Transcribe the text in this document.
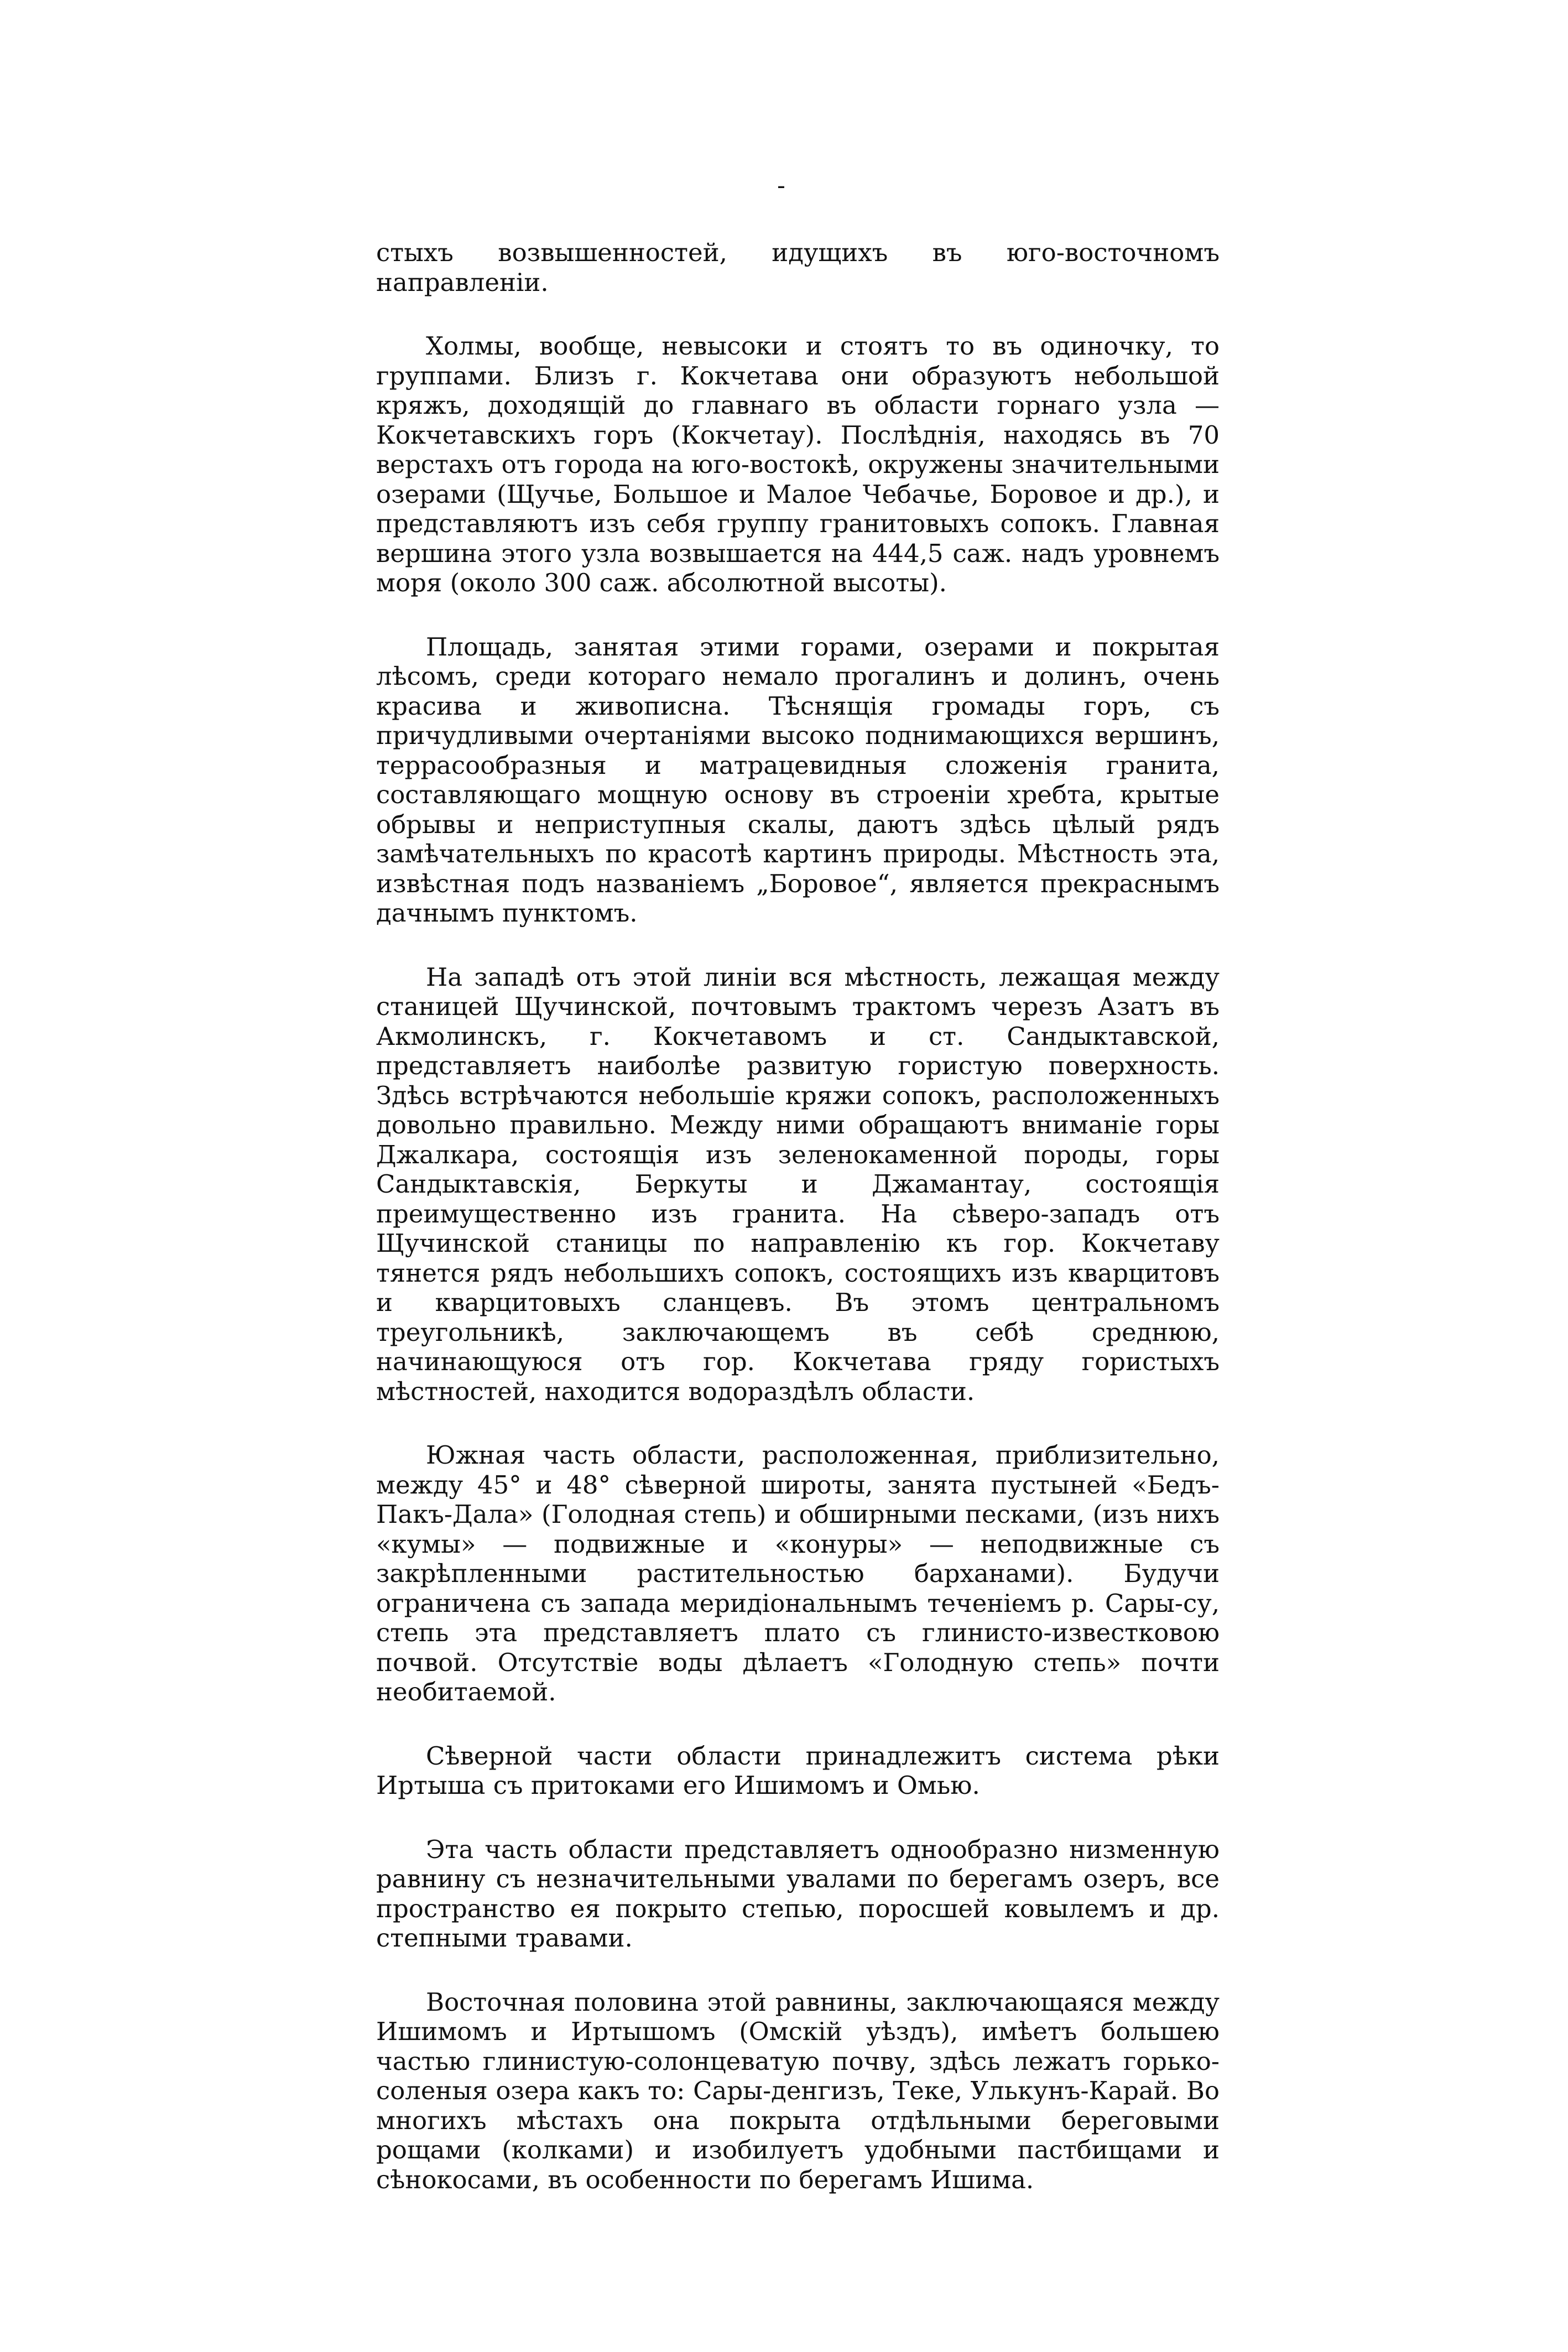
-

стыхъ возвышенностей, идущихъ въ юго-восточномъ направленіи.

Холмы, вообще, невысоки и стоятъ то въ одиночку, то группами. Близъ г. Кокчетава они образуютъ небольшой кряжъ, доходящій до главнаго въ области горнаго узла — Кокчетавскихъ горъ (Кокчетау). Послѣднія, находясь въ 70 верстахъ отъ города на юго-востокѣ, окружены значительными озерами (Щучье, Большое и Малое Чебачье, Боровое и др.), и представляютъ изъ себя группу гранитовыхъ сопокъ. Главная вершина этого узла возвышается на 444,5 саж. надъ уровнемъ моря (около 300 саж. абсолютной высоты).

Площадь, занятая этими горами, озерами и покрытая лѣсомъ, среди котораго немало прогалинъ и долинъ, очень красива и живописна. Тѣснящія громады горъ, съ причудливыми очертаніями высоко поднимающихся вершинъ, террасообразныя и матрацевидныя сложенія гранита, составляющаго мощную основу въ строеніи хребта, крытые обрывы и неприступныя скалы, даютъ здѣсь цѣлый рядъ замѣчательныхъ по красотѣ картинъ природы. Мѣстность эта, извѣстная подъ названіемъ „Боровое“, является прекраснымъ дачнымъ пунктомъ.

На западѣ отъ этой линіи вся мѣстность, лежащая между станицей Щучинской, почтовымъ трактомъ черезъ Азатъ въ Акмолинскъ, г. Кокчетавомъ и ст. Сандыктавской, представляетъ наиболѣе развитую гористую поверхность. Здѣсь встрѣчаются небольшіе кряжи сопокъ, расположенныхъ довольно правильно. Между ними обращаютъ вниманіе горы Джалкара, состоящія изъ зеленокаменной породы, горы Сандыктавскія, Беркуты и Джамантау, состоящія преимущественно изъ гранита. На сѣверо-западъ отъ Щучинской станицы по направленію къ гор. Кокчетаву тянется рядъ небольшихъ сопокъ, состоящихъ изъ кварцитовъ и кварцитовыхъ сланцевъ. Въ этомъ центральномъ треугольникѣ, заключающемъ въ себѣ среднюю, начинающуюся отъ гор. Кокчетава гряду гористыхъ мѣстностей, находится водораздѣлъ области.

Южная часть области, расположенная, приблизительно, между 45° и 48° сѣверной широты, занята пустыней «Бедъ-Пакъ-Дала» (Голодная степь) и обширными песками, (изъ нихъ «кумы» — подвижные и «конуры» — неподвижные съ закрѣпленными растительностью барханами). Будучи ограничена съ запада меридіональнымъ теченіемъ р. Сары-су, степь эта представляетъ плато съ глинисто-известковою почвой. Отсутствіе воды дѣлаетъ «Голодную степь» почти необитаемой.

Сѣверной части области принадлежитъ система рѣки Иртыша съ притоками его Ишимомъ и Омью.

Эта часть области представляетъ однообразно низменную равнину съ незначительными увалами по берегамъ озеръ, все пространство ея покрыто степью, поросшей ковылемъ и др. степными травами.

Восточная половина этой равнины, заключающаяся между Ишимомъ и Иртышомъ (Омскій уѣздъ), имѣетъ большею частью глинистую-солонцеватую почву, здѣсь лежатъ горько-соленыя озера какъ то: Сары-денгизъ, Теке, Улькунъ-Карай. Во многихъ мѣстахъ она покрыта отдѣльными береговыми рощами (колками) и изобилуетъ удобными пастбищами и сѣнокосами, въ особенности по берегамъ Ишима.
